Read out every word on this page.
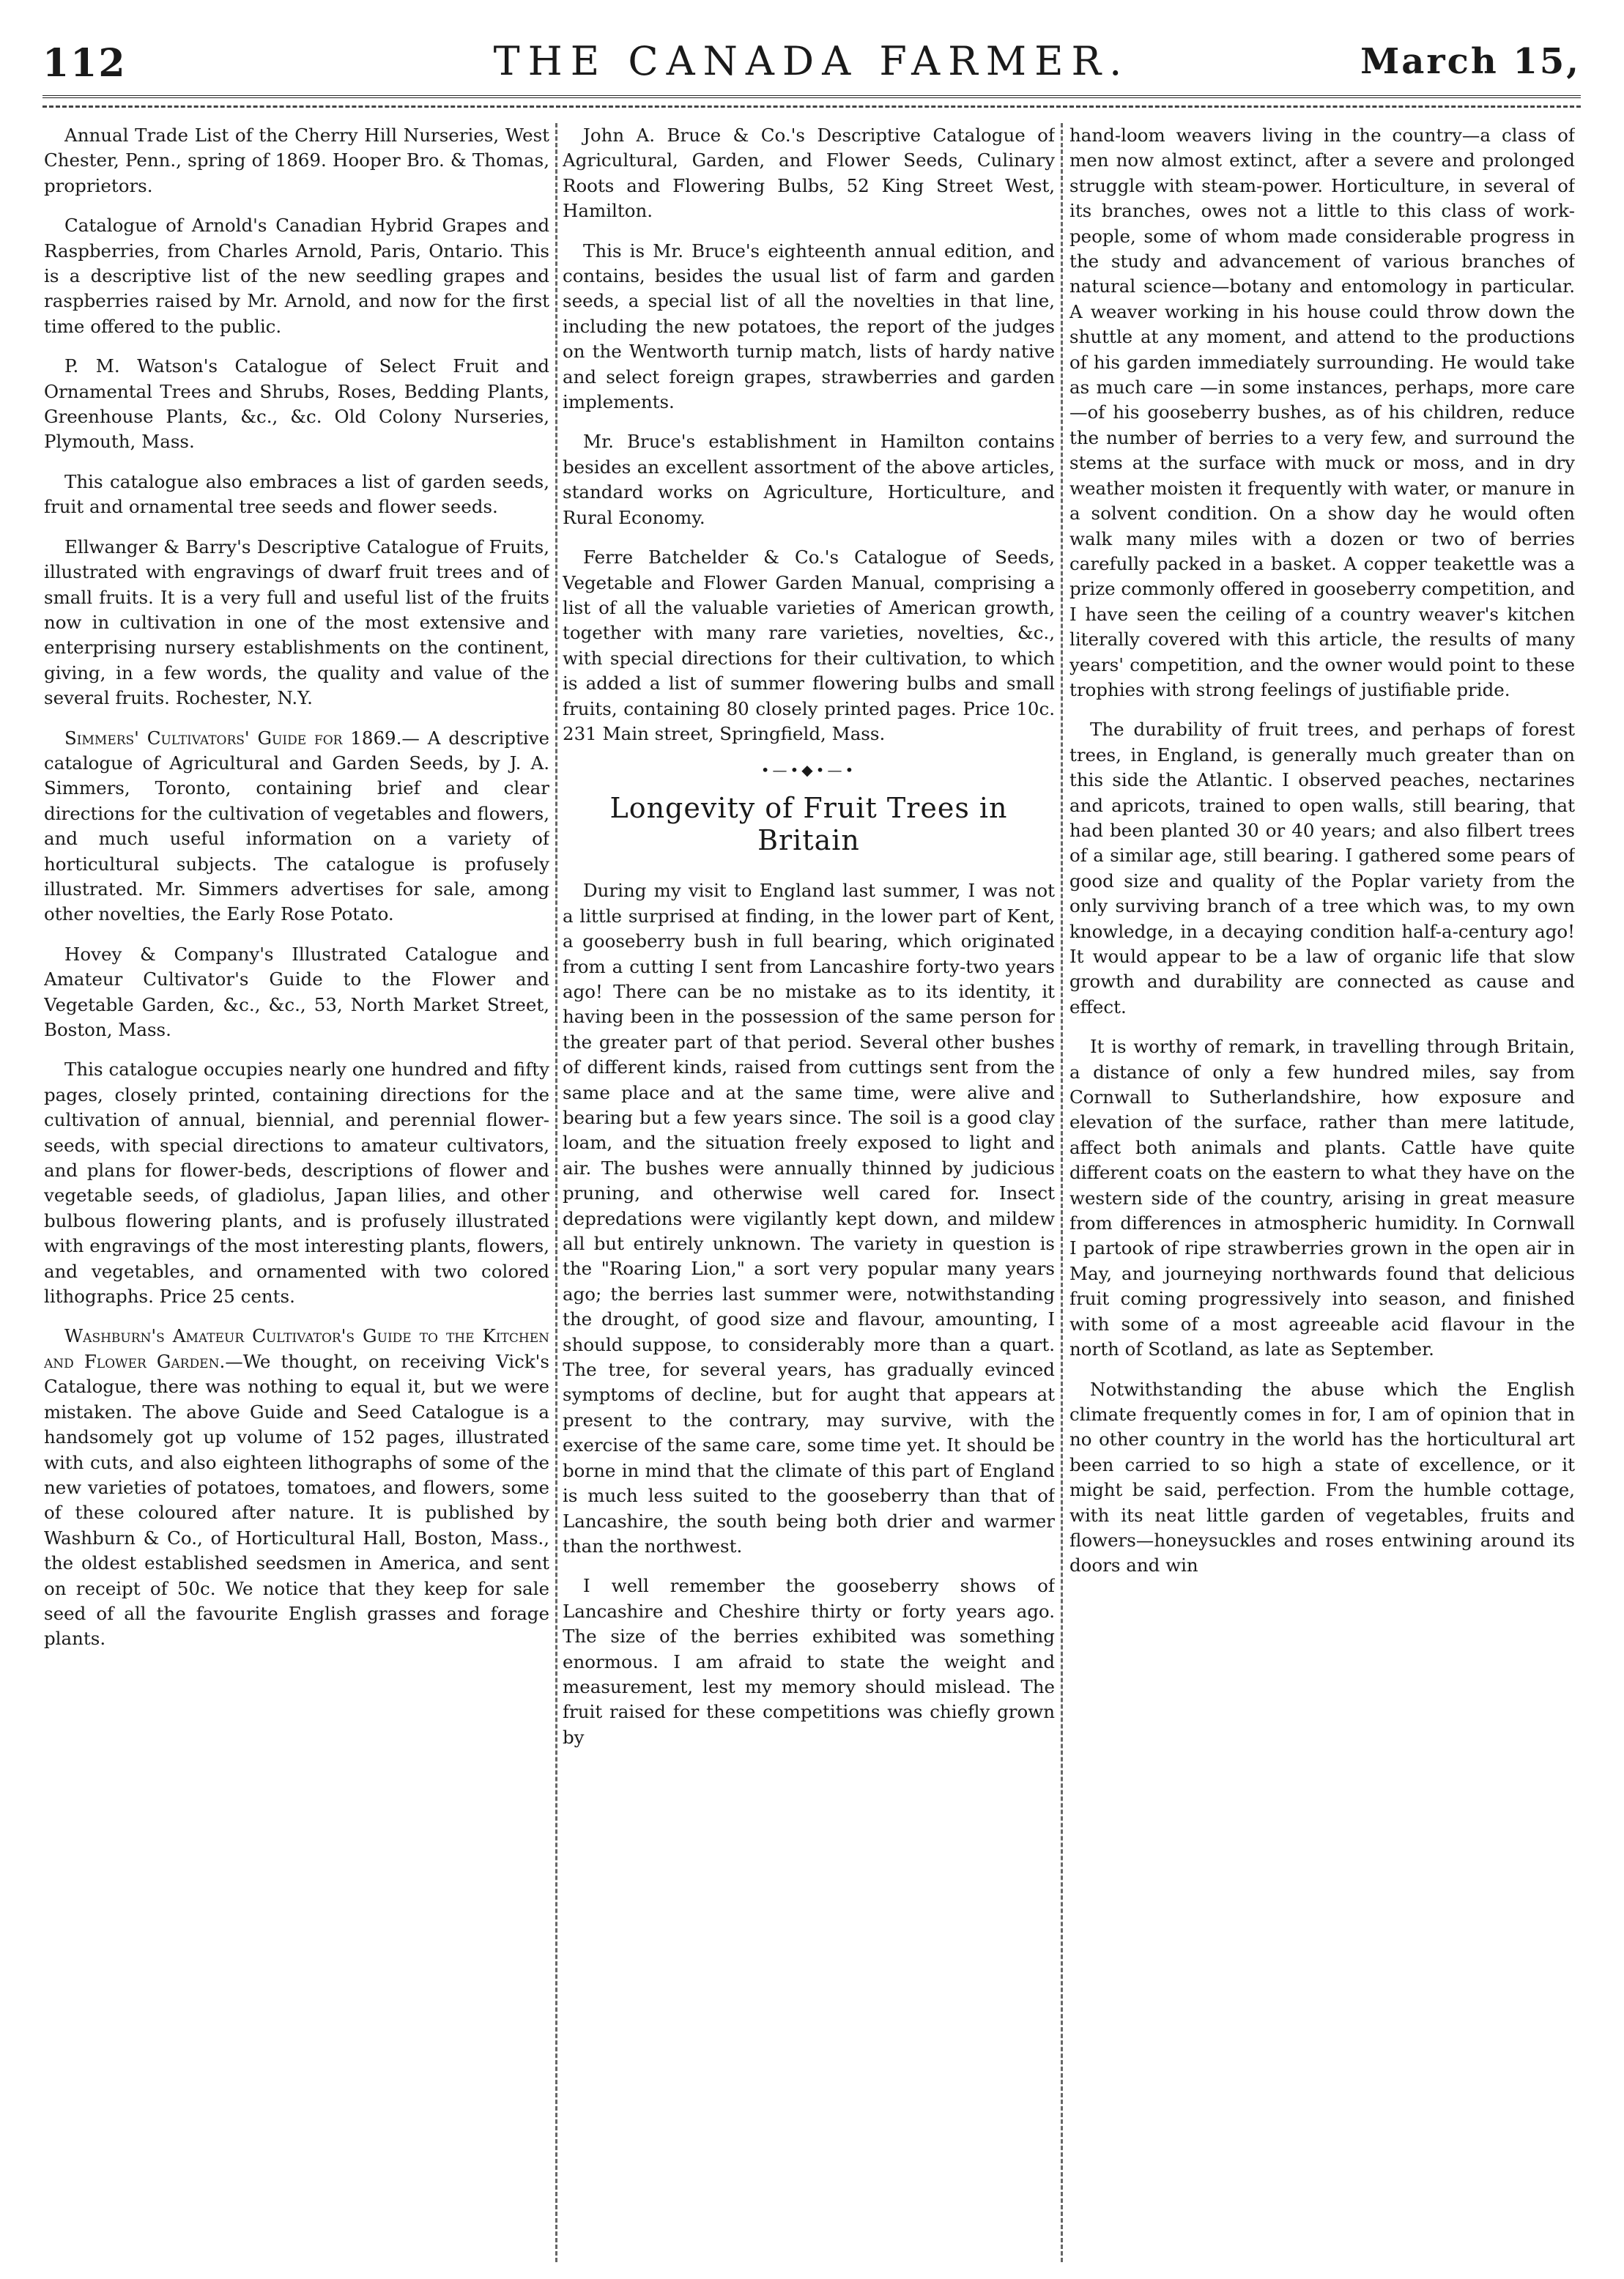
112	THE CANADA FARMER.	March 15,

Annual Trade List of the Cherry Hill Nurseries, West Chester, Penn., spring of 1869. Hooper Bro. & Thomas, proprietors.

Catalogue of Arnold's Canadian Hybrid Grapes and Raspberries, from Charles Arnold, Paris, Ontario. This is a descriptive list of the new seedling grapes and raspberries raised by Mr. Arnold, and now for the first time offered to the public.

P. M. Watson's Catalogue of Select Fruit and Ornamental Trees and Shrubs, Roses, Bedding Plants, Greenhouse Plants, &c., &c. Old Colony Nurseries, Plymouth, Mass.

This catalogue also embraces a list of garden seeds, fruit and ornamental tree seeds and flower seeds.

Ellwanger & Barry's Descriptive Catalogue of Fruits, illustrated with engravings of dwarf fruit trees and of small fruits. It is a very full and useful list of the fruits now in cultivation in one of the most extensive and enterprising nursery establishments on the continent, giving, in a few words, the quality and value of the several fruits. Rochester, N.Y.

Simmers' Cultivators' Guide for 1869.— A descriptive catalogue of Agricultural and Garden Seeds, by J. A. Simmers, Toronto, containing brief and clear directions for the cultivation of vegetables and flowers, and much useful information on a variety of horticultural subjects. The catalogue is profusely illustrated. Mr. Simmers advertises for sale, among other novelties, the Early Rose Potato.

Hovey & Company's Illustrated Catalogue and Amateur Cultivator's Guide to the Flower and Vegetable Garden, &c., &c., 53, North Market Street, Boston, Mass.

This catalogue occupies nearly one hundred and fifty pages, closely printed, containing directions for the cultivation of annual, biennial, and perennial flower-seeds, with special directions to amateur cultivators, and plans for flower-beds, descriptions of flower and vegetable seeds, of gladiolus, Japan lilies, and other bulbous flowering plants, and is profusely illustrated with engravings of the most interesting plants, flowers, and vegetables, and ornamented with two colored lithographs. Price 25 cents.

Washburn's Amateur Cultivator's Guide to the Kitchen and Flower Garden.—We thought, on receiving Vick's Catalogue, there was nothing to equal it, but we were mistaken. The above Guide and Seed Catalogue is a handsomely got up volume of 152 pages, illustrated with cuts, and also eighteen lithographs of some of the new varieties of potatoes, tomatoes, and flowers, some of these coloured after nature. It is published by Washburn & Co., of Horticultural Hall, Boston, Mass., the oldest established seedsmen in America, and sent on receipt of 50c. We notice that they keep for sale seed of all the favourite English grasses and forage plants.

John A. Bruce & Co.'s Descriptive Catalogue of Agricultural, Garden, and Flower Seeds, Culinary Roots and Flowering Bulbs, 52 King Street West, Hamilton.

This is Mr. Bruce's eighteenth annual edition, and contains, besides the usual list of farm and garden seeds, a special list of all the novelties in that line, including the new potatoes, the report of the judges on the Wentworth turnip match, lists of hardy native and select foreign grapes, strawberries and garden implements.

Mr. Bruce's establishment in Hamilton contains besides an excellent assortment of the above articles, standard works on Agriculture, Horticulture, and Rural Economy.

Ferre Batchelder & Co.'s Catalogue of Seeds, Vegetable and Flower Garden Manual, comprising a list of all the valuable varieties of American growth, together with many rare varieties, novelties, &c., with special directions for their cultivation, to which is added a list of summer flowering bulbs and small fruits, containing 80 closely printed pages. Price 10c. 231 Main street, Springfield, Mass.

•—•◆•—•
Longevity of Fruit Trees in Britain

During my visit to England last summer, I was not a little surprised at finding, in the lower part of Kent, a gooseberry bush in full bearing, which originated from a cutting I sent from Lancashire forty-two years ago! There can be no mistake as to its identity, it having been in the possession of the same person for the greater part of that period. Several other bushes of different kinds, raised from cuttings sent from the same place and at the same time, were alive and bearing but a few years since. The soil is a good clay loam, and the situation freely exposed to light and air. The bushes were annually thinned by judicious pruning, and otherwise well cared for. Insect depredations were vigilantly kept down, and mildew all but entirely unknown. The variety in question is the "Roaring Lion," a sort very popular many years ago; the berries last summer were, notwithstanding the drought, of good size and flavour, amounting, I should suppose, to considerably more than a quart. The tree, for several years, has gradually evinced symptoms of decline, but for aught that appears at present to the contrary, may survive, with the exercise of the same care, some time yet. It should be borne in mind that the climate of this part of England is much less suited to the gooseberry than that of Lancashire, the south being both drier and warmer than the northwest.

I well remember the gooseberry shows of Lancashire and Cheshire thirty or forty years ago. The size of the berries exhibited was something enormous. I am afraid to state the weight and measurement, lest my memory should mislead. The fruit raised for these competitions was chiefly grown by

hand-loom weavers living in the country—a class of men now almost extinct, after a severe and prolonged struggle with steam-power. Horticulture, in several of its branches, owes not a little to this class of work-people, some of whom made considerable progress in the study and advancement of various branches of natural science—botany and entomology in particular. A weaver working in his house could throw down the shuttle at any moment, and attend to the productions of his garden immediately surrounding. He would take as much care —in some instances, perhaps, more care—of his gooseberry bushes, as of his children, reduce the number of berries to a very few, and surround the stems at the surface with muck or moss, and in dry weather moisten it frequently with water, or manure in a solvent condition. On a show day he would often walk many miles with a dozen or two of berries carefully packed in a basket. A copper teakettle was a prize commonly offered in gooseberry competition, and I have seen the ceiling of a country weaver's kitchen literally covered with this article, the results of many years' competition, and the owner would point to these trophies with strong feelings of justifiable pride.

The durability of fruit trees, and perhaps of forest trees, in England, is generally much greater than on this side the Atlantic. I observed peaches, nectarines and apricots, trained to open walls, still bearing, that had been planted 30 or 40 years; and also filbert trees of a similar age, still bearing. I gathered some pears of good size and quality of the Poplar variety from the only surviving branch of a tree which was, to my own knowledge, in a decaying condition half-a-century ago! It would appear to be a law of organic life that slow growth and durability are connected as cause and effect.

It is worthy of remark, in travelling through Britain, a distance of only a few hundred miles, say from Cornwall to Sutherlandshire, how exposure and elevation of the surface, rather than mere latitude, affect both animals and plants. Cattle have quite different coats on the eastern to what they have on the western side of the country, arising in great measure from differences in atmospheric humidity. In Cornwall I partook of ripe strawberries grown in the open air in May, and journeying northwards found that delicious fruit coming progressively into season, and finished with some of a most agreeable acid flavour in the north of Scotland, as late as September.

Notwithstanding the abuse which the English climate frequently comes in for, I am of opinion that in no other country in the world has the horticultural art been carried to so high a state of excellence, or it might be said, perfection. From the humble cottage, with its neat little garden of vegetables, fruits and flowers—honeysuckles and roses entwining around its doors and win
